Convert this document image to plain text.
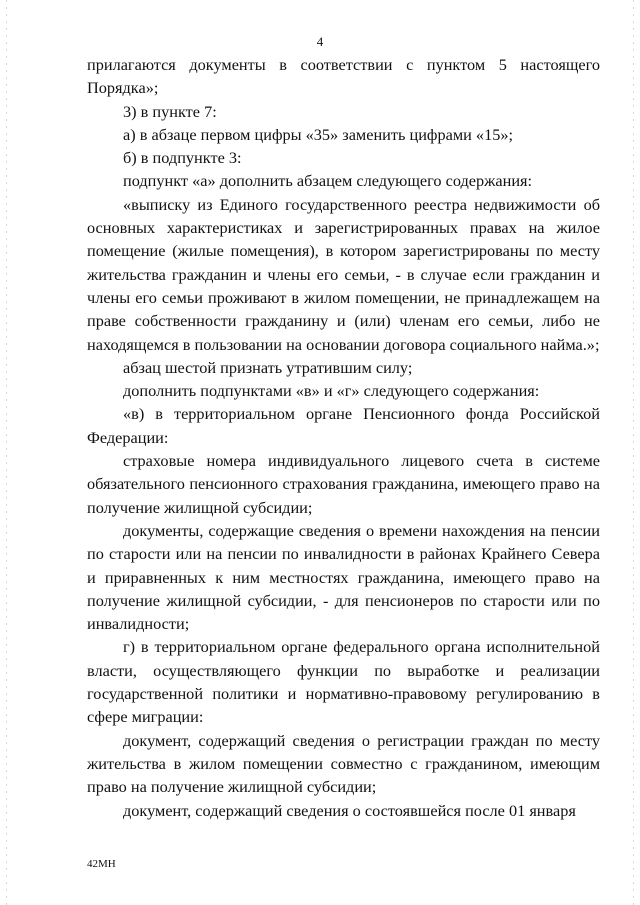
4

прилагаются документы в соответствии с пунктом 5 настоящего Порядка»;

3) в пункте 7:

а) в абзаце первом цифры «35» заменить цифрами «15»;

б) в подпункте 3:

подпункт «а» дополнить абзацем следующего содержания:

«выписку из Единого государственного реестра недвижимости об основных характеристиках и зарегистрированных правах на жилое помещение (жилые помещения), в котором зарегистрированы по месту жительства гражданин и члены его семьи, - в случае если гражданин и члены его семьи проживают в жилом помещении, не принадлежащем на праве собственности гражданину и (или) членам его семьи, либо не находящемся в пользовании на основании договора социального найма.»;

абзац шестой признать утратившим силу;

дополнить подпунктами «в» и «г» следующего содержания:

«в) в территориальном органе Пенсионного фонда Российской Федерации:

страховые номера индивидуального лицевого счета в системе обязательного пенсионного страхования гражданина, имеющего право на получение жилищной субсидии;

документы, содержащие сведения о времени нахождения на пенсии по старости или на пенсии по инвалидности в районах Крайнего Севера и приравненных к ним местностях гражданина, имеющего право на получение жилищной субсидии, - для пенсионеров по старости или по инвалидности;

г) в территориальном органе федерального органа исполнительной власти, осуществляющего функции по выработке и реализации государственной политики и нормативно-правовому регулированию в сфере миграции:

документ, содержащий сведения о регистрации граждан по месту жительства в жилом помещении совместно с гражданином, имеющим право на получение жилищной субсидии;

документ, содержащий сведения о состоявшейся после 01 января

42МН
